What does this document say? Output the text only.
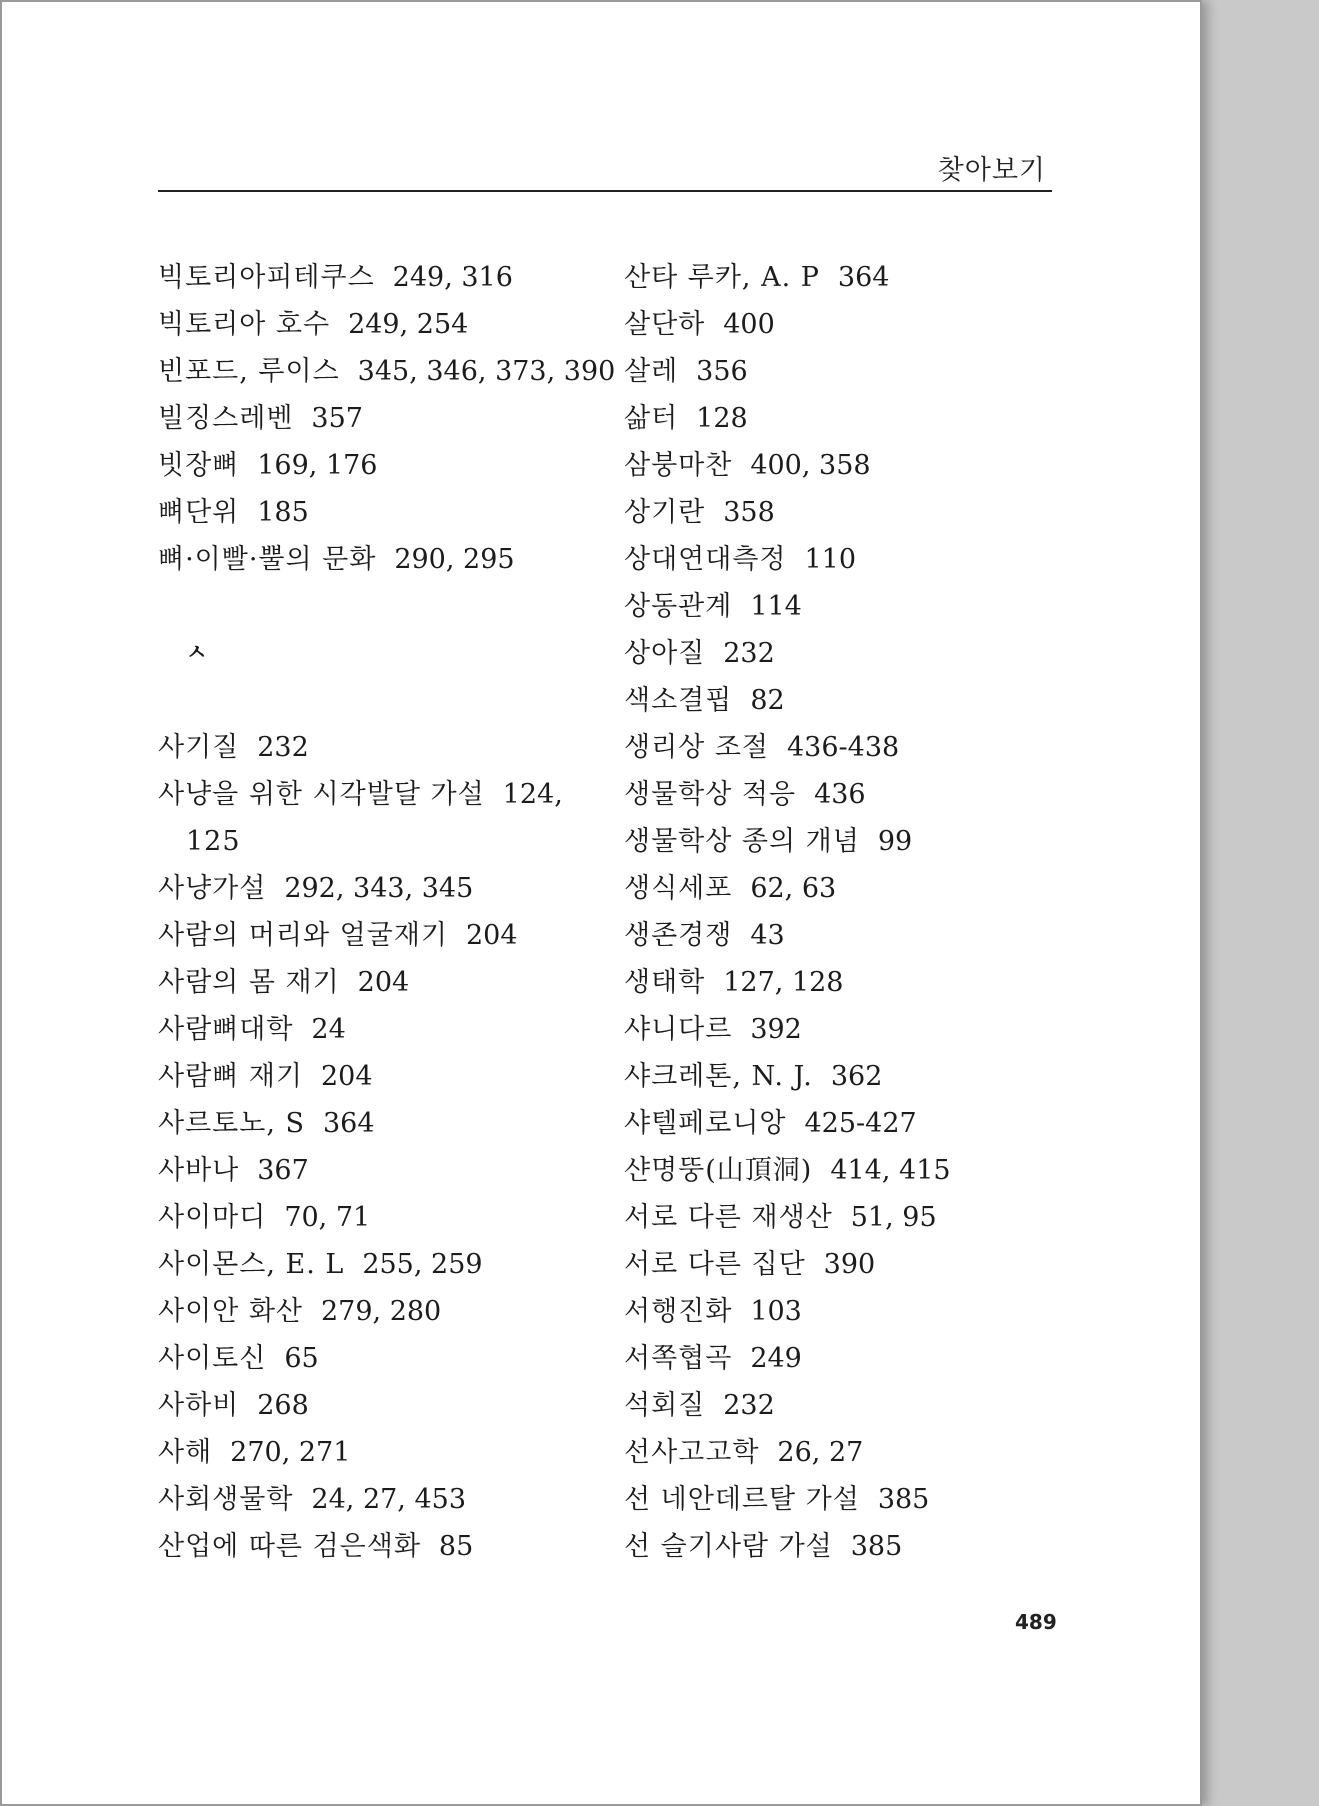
찾아보기
빅토리아피테쿠스 249, 316
빅토리아 호수 249, 254
빈포드, 루이스 345, 346, 373, 390
빌징스레벤 357
빗장뼈 169, 176
뼈단위 185
뼈·이빨·뿔의 문화 290, 295
ㅅ
사기질 232
사냥을 위한 시각발달 가설 124,
125
사냥가설 292, 343, 345
사람의 머리와 얼굴재기 204
사람의 몸 재기 204
사람뼈대학 24
사람뼈 재기 204
사르토노, S 364
사바나 367
사이마디 70, 71
사이몬스, E. L 255, 259
사이안 화산 279, 280
사이토신 65
사하비 268
사해 270, 271
사회생물학 24, 27, 453
산업에 따른 검은색화 85
산타 루카, A. P 364
살단하 400
살레 356
삶터 128
삼붕마찬 400, 358
상기란 358
상대연대측정 110
상동관계 114
상아질 232
색소결핍 82
생리상 조절 436-438
생물학상 적응 436
생물학상 종의 개념 99
생식세포 62, 63
생존경쟁 43
생태학 127, 128
샤니다르 392
샤크레톤, N. J. 362
샤텔페로니앙 425-427
샨명뚱(山頂洞) 414, 415
서로 다른 재생산 51, 95
서로 다른 집단 390
서행진화 103
서쪽협곡 249
석회질 232
선사고고학 26, 27
선 네안데르탈 가설 385
선 슬기사람 가설 385
489
